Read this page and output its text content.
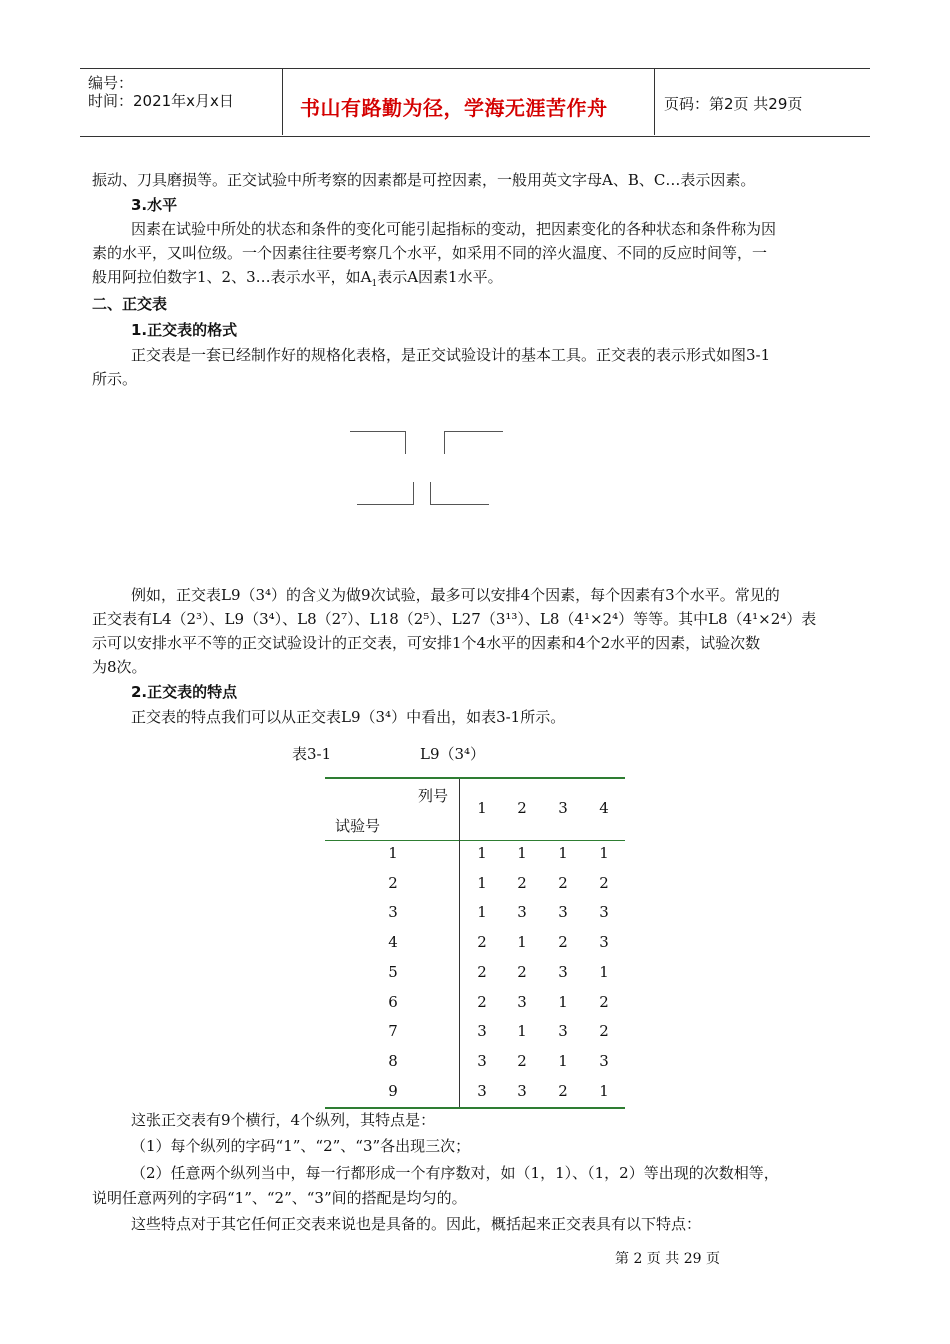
编号：
时间：2021年x月x日	书山有路勤为径，学海无涯苦作舟	页码：第2页 共29页

振动、刀具磨损等。正交试验中所考察的因素都是可控因素，一般用英文字母A、B、C…表示因素。

3.水平

因素在试验中所处的状态和条件的变化可能引起指标的变动，把因素变化的各种状态和条件称为因

素的水平，又叫位级。一个因素往往要考察几个水平，如采用不同的淬火温度、不同的反应时间等，一

般用阿拉伯数字1、2、3…表示水平，如$A_1$表示A因素1水平。

二、正交表

1.正交表的格式

正交表是一套已经制作好的规格化表格，是正交试验设计的基本工具。正交表的表示形式如图3-1

所示。

例如，正交表L9（3⁴）的含义为做9次试验，最多可以安排4个因素，每个因素有3个水平。常见的

正交表有L4（2³）、L9（3⁴）、L8（2⁷）、L18（2⁵）、L27（3¹³）、L8（4¹×2⁴）等等。其中L8（4¹×2⁴）表

示可以安排水平不等的正交试验设计的正交表，可安排1个4水平的因素和4个2水平的因素，试验次数

为8次。

2.正交表的特点

正交表的特点我们可以从正交表L9（3⁴）中看出，如表3-1所示。

表3-1	L9（3⁴）
列号
试验号
1	2	3	4
1	1	1	1	1
2	1	2	2	2
3	1	3	3	3
4	2	1	2	3
5	2	2	3	1
6	2	3	1	2
7	3	1	3	2
8	3	2	1	3
9	3	3	2	1

这张正交表有9个横行，4个纵列，其特点是：

（1）每个纵列的字码“1”、“2”、“3”各出现三次；

（2）任意两个纵列当中，每一行都形成一个有序数对，如（1，1）、（1，2）等出现的次数相等，

说明任意两列的字码“1”、“2”、“3”间的搭配是均匀的。

这些特点对于其它任何正交表来说也是具备的。因此，概括起来正交表具有以下特点：

第 2 页 共 29 页
